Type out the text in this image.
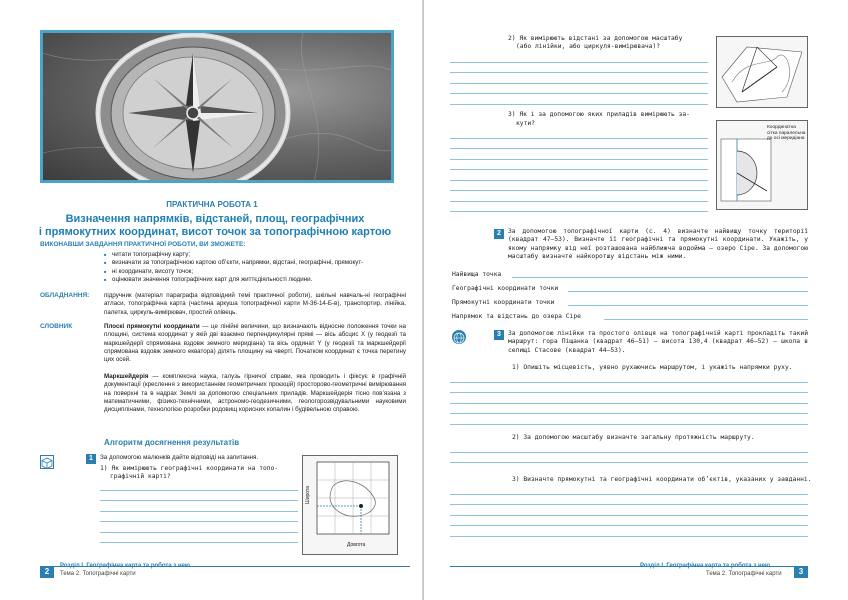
ПРАКТИЧНА РОБОТА 1
Визначення напрямків, відстаней, площ, географічних
і прямокутних координат, висот точок за топографічною картою
ВИКОНАВШИ ЗАВДАННЯ ПРАКТИЧНОЇ РОБОТИ, ВИ ЗМОЖЕТЕ:
■ читати топографічну карту;
■ визначати за топографічною картою об’єкти, напрямки, відстані, географічні, прямокут-
■ ні координати, висоту точок;
■ оцінювати значення топографічних карт для життєдіяльності людини.
ОБЛАДНАННЯ: підручник (матеріал параграфа відповідний темі практичної роботи), шкільні навчаль-ні географічні атласи, топографічна карта (частина аркуша топографічної карти М-36-14-Б-в), транспортир, лінійка, палетка, циркуль-вимірювач, простий олівець.
СЛОВНИК	Плоскі прямокутні координати — це лінійні величини, що визначають відносне положення точки на площині, система координат у якій дві взаємно перпендикулярні прямі — вісь абсцис X (у геодезії та маркшейдерії спрямована вздовж земного меридіана) та вісь ординат Y (у геодезії та маркшейдерії спрямована вздовж земного екватора) ділять площину на чверті. Початком координат є точка перетину цих осей.
Маркшейдерія — комплексна наука, галузь гірничої справи, яка проводить і фіксує в графічній документації (креслення з використанням геометричних проєкцій) просторово-геометричні вимірювання на поверхні та в надрах Землі за допомогою спеціальних приладів. Маркшейдерія тісно пов’язана з математичними, фізико-технічними, астрономо-геодезичними, геологорозвідувальними науковими дисциплінами, технологією розробки родовищ корисних копалин і будівельною справою.
Алгоритм досягнення результатів
1	За допомогою малюнків дайте відповіді на запитання.
1) Як вимірюють географічні координати на топо-
графічній карті?
Широта
Довгота
2
Розділ І. Географічна карта та робота з нею
Тема 2. Топографічні карти
2) Як вимірюють відстані за допомогою масштабу
(або лінійки, або циркуля-вимірювача)?
3) Як і за допомогою яких приладів вимірюють за-
кути?
Координатна сітка паралельна до осі меридіана
2	За допомогою топографічної карти (с. 4) визначте найвищу точку території (квадрат 47—53). Визначте її географічні та прямокутні координати. Укажіть, у якому напрямку від неї розташована найближча водойма — озеро Сіре. За допомогою масштабу визначте найкоротшу відстань між ними.
Найвища точка
Географічні координати точки
Прямокутні координати точки
Напрямок та відстань до озера Сіре
3	За допомогою лінійки та простого олівця на топографічній карті прокладіть такий маршрут: гора Піщанка (квадрат 46—51) — висота 130,4 (квадрат 46—52) — школа в селищі Стасове (квадрат 44—53).
1) Опишіть місцевість, уявно рухаючись маршрутом, і укажіть напрямки руху.
2) За допомогою масштабу визначте загальну протяжність маршруту.
3) Визначте прямокутні та географічні координати об’єктів, указаних у завданні.
Розділ І. Географічна карта та робота з нею
Тема 2. Топографічні карти	3
